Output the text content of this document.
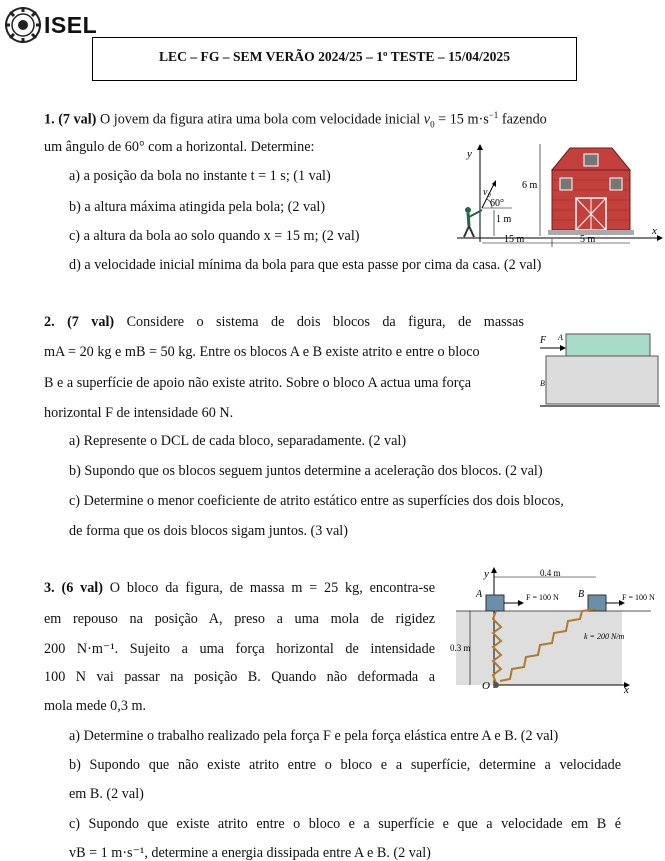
ISEL
LEC – FG – SEM VERÃO 2024/25 – 1º TESTE – 15/04/2025
1. (7 val) O jovem da figura atira uma bola com velocidade inicial $v_0 = 15$ $m\cdot s^{-1}$ fazendo
um ângulo de 60° com a horizontal. Determine:
a) a posição da bola no instante t = 1 s; (1 val)
b) a altura máxima atingida pela bola; (2 val)
c) a altura da bola ao solo quando x = 15 m; (2 val)
d) a velocidade inicial mínima da bola para que esta passe por cima da casa. (2 val)
y
x
v₀
60°
1 m
6 m
15 m	5 m
2. (7 val) Considere o sistema de dois blocos da figura, de massas
mA = 20 kg e mB = 50 kg. Entre os blocos A e B existe atrito e entre o bloco
B e a superfície de apoio não existe atrito. Sobre o bloco A actua uma força
horizontal F de intensidade 60 N.
a) Represente o DCL de cada bloco, separadamente. (2 val)
b) Supondo que os blocos seguem juntos determine a aceleração dos blocos. (2 val)
c) Determine o menor coeficiente de atrito estático entre as superfícies dos dois blocos,
de forma que os dois blocos sigam juntos. (3 val)
F A
B
3. (6 val) O bloco da figura, de massa m = 25 kg, encontra-se
em repouso na posição A, preso a uma mola de rigidez
200 N·m⁻¹. Sujeito a uma força horizontal de intensidade
100 N vai passar na posição B. Quando não deformada a
mola mede 0,3 m.
a) Determine o trabalho realizado pela força F e pela força elástica entre A e B. (2 val)
b) Supondo que não existe atrito entre o bloco e a superfície, determine a velocidade
em B. (2 val)
c) Supondo que existe atrito entre o bloco e a superfície e que a velocidade em B é
vB = 1 m·s⁻¹, determine a energia dissipada entre A e B. (2 val)
y
x
O
0.4 m
0.3 m
A	B
F = 100 N	F = 100 N
k = 200 N/m
